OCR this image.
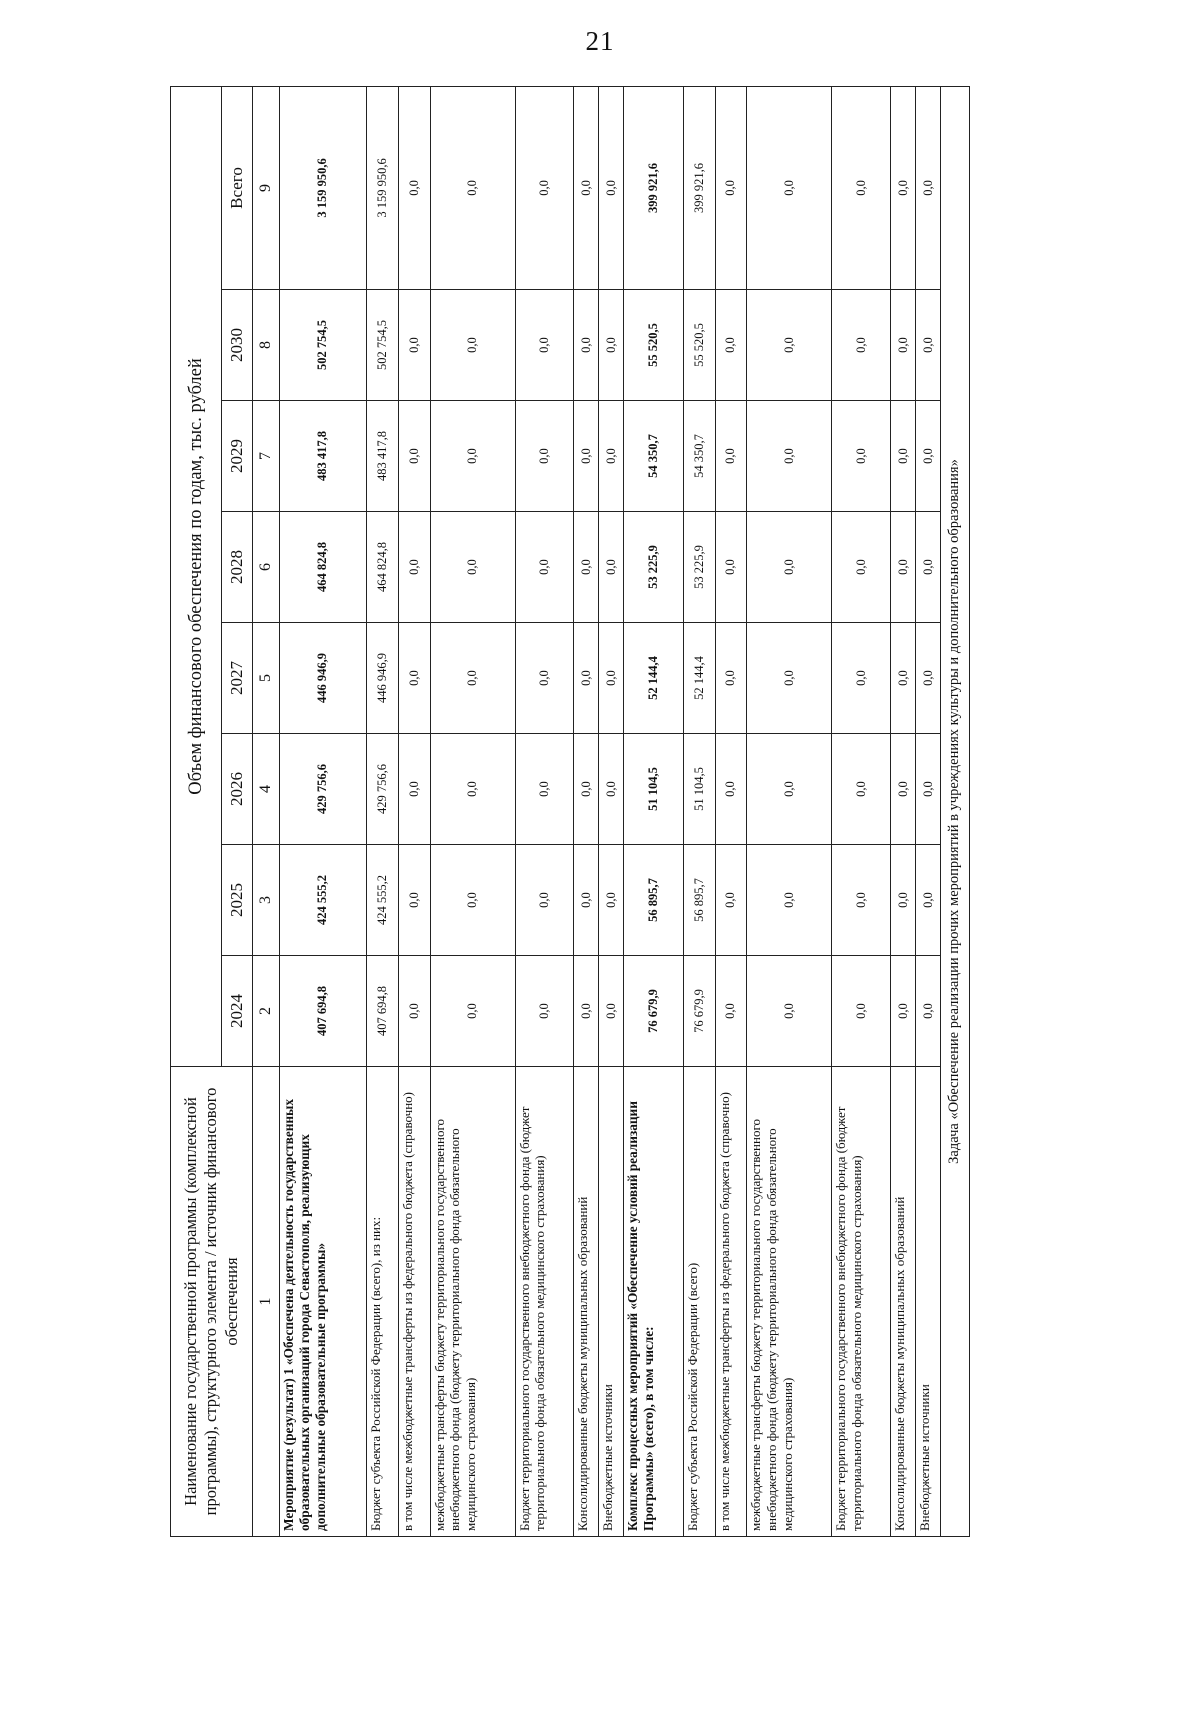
21
Наименование государственной программы (комплексной программы), структурного элемента / источник финансового обеспечения	Объем финансового обеспечения по годам, тыс. рублей							
	2024	2025	2026	2027	2028	2029	2030	Всего
1	2	3	4	5	6	7	8	9
Мероприятие (результат) 1 «Обеспечена деятельность государственных образовательных организаций города Севастополя, реализующих дополнительные образовательные программы»	407 694,8	424 555,2	429 756,6	446 946,9	464 824,8	483 417,8	502 754,5	3 159 950,6
Бюджет субъекта Российской Федерации (всего), из них:	407 694,8	424 555,2	429 756,6	446 946,9	464 824,8	483 417,8	502 754,5	3 159 950,6
в том числе межбюджетные трансферты из федерального бюджета (справочно)	0,0	0,0	0,0	0,0	0,0	0,0	0,0	0,0
межбюджетные трансферты бюджету территориального государственного внебюджетного фонда (бюджету территориального фонда обязательного медицинского страхования)	0,0	0,0	0,0	0,0	0,0	0,0	0,0	0,0
Бюджет территориального государственного внебюджетного фонда (бюджет территориального фонда обязательного медицинского страхования)	0,0	0,0	0,0	0,0	0,0	0,0	0,0	0,0
Консолидированные бюджеты муниципальных образований	0,0	0,0	0,0	0,0	0,0	0,0	0,0	0,0
Внебюджетные источники	0,0	0,0	0,0	0,0	0,0	0,0	0,0	0,0
Комплекс процессных мероприятий «Обеспечение условий реализации Программы» (всего), в том числе:	76 679,9	56 895,7	51 104,5	52 144,4	53 225,9	54 350,7	55 520,5	399 921,6
Бюджет субъекта Российской Федерации (всего)	76 679,9	56 895,7	51 104,5	52 144,4	53 225,9	54 350,7	55 520,5	399 921,6
в том числе межбюджетные трансферты из федерального бюджета (справочно)	0,0	0,0	0,0	0,0	0,0	0,0	0,0	0,0
межбюджетные трансферты бюджету территориального государственного внебюджетного фонда (бюджету территориального фонда обязательного медицинского страхования)	0,0	0,0	0,0	0,0	0,0	0,0	0,0	0,0
Бюджет территориального государственного внебюджетного фонда (бюджет территориального фонда обязательного медицинского страхования)	0,0	0,0	0,0	0,0	0,0	0,0	0,0	0,0
Консолидированные бюджеты муниципальных образований	0,0	0,0	0,0	0,0	0,0	0,0	0,0	0,0
Внебюджетные источники	0,0	0,0	0,0	0,0	0,0	0,0	0,0	0,0
Задача «Обеспечение реализации прочих мероприятий в учреждениях культуры и дополнительного образования»								
